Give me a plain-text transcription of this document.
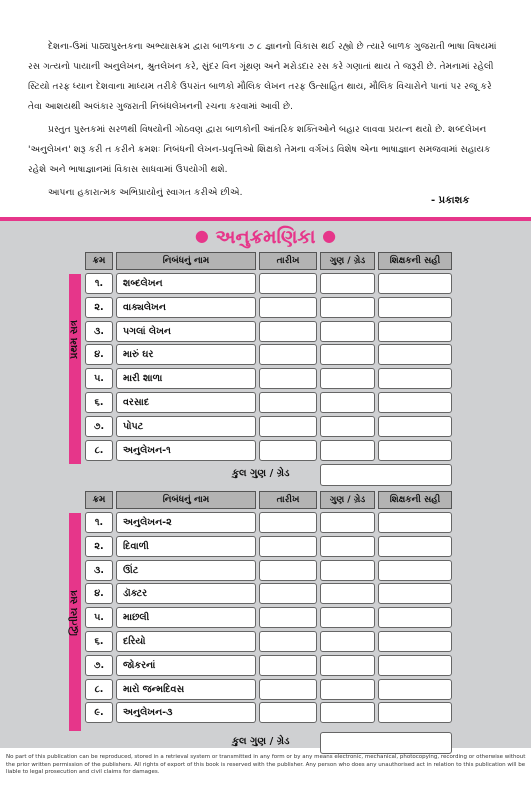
દેશના-ઉમાં પાઠ્યપુસ્તકના અભ્યાસક્રમ દ્વારા બાળકના ૭ ૮ જ્ઞાનનો વિકાસ થઈ રહ્યો છે ત્યારે બાળક ગુજરાતી ભાષા વિષયમાં રસ ગત્યનો પાયાની અનુલેખન, શ્રુતલેખન કરે, સુંદર વિન ગૂંથણ અને મરોડદાર રસ કરે ગણાતાં થાય તે જરૂરી છે. તેમનામાં રહેલી સ્ટિયો તરફ ધ્યાન દેશવાના માધ્યમ તરીકે ઉપરાંત બાળકો મૌલિક લેખન તરફ ઉત્સાહિત થાય, મૌલિક વિચારોને પાનાં પર રજૂ કરે તેવા આશયથી અલંકાર ગુજરાતી નિબંધલેખનની રચના કરવામાં આવી છે.
પ્રસ્તુત પુસ્તકમાં સરળથી વિષયોની ગોઠવણ દ્વારા બાળકોની આંતરિક શક્તિઓને બહાર લાવવા પ્રયત્ન થયો છે. શબ્દલેખન 'અનુલેખન' શરૂ કરી ત કરીને ક્રમશઃ નિબંધની લેખન-પ્રવૃત્તિઓ શિક્ષકો તેમના વર્ગખંડ વિશેષ એના ભાષાજ્ઞાન સમજવામાં સહાયક રહેશે અને ભાષાજ્ઞાનમાં વિકાસ સાધવામાં ઉપયોગી થશે.
આપના હકારાત્મક અભિપ્રાયોનું સ્વાગત કરીએ છીએ.
- પ્રકાશક
● અનુક્રમણિકા ●
ક્રમ	નિબંધનું નામ	તારીખ	ગુણ / ગ્રેડ	શિક્ષકની સહી
પ્રથમ સત્ર
૧.	શબ્દલેખન
૨.	વાક્યલેખન
૩.	પગલાં લેખન
૪.	મારું ઘર
૫.	મારી શાળા
૬.	વરસાદ
૭.	પોપટ
૮.	અનુલેખન-૧
કુલ ગુણ / ગ્રેડ
ક્રમ	નિબંધનું નામ	તારીખ	ગુણ / ગ્રેડ	શિક્ષકની સહી
દ્વિતીય સત્ર
૧.	અનુલેખન-૨
૨.	દિવાળી
૩.	ઊંટ
૪.	ડૉક્ટર
૫.	માછલી
૬.	દરિયો
૭.	જોકરનાં
૮.	મારો જન્મદિવસ
૯.	અનુલેખન-૩
કુલ ગુણ / ગ્રેડ
No part of this publication can be reproduced, stored in a retrieval system or transmitted in any form or by any means electronic, mechanical, photocopying, recording or otherwise without the prior written permission of the publishers. All rights of export of this book is reserved with the publisher. Any person who does any unauthorised act in relation to this publication will be liable to legal prosecution and civil claims for damages.
